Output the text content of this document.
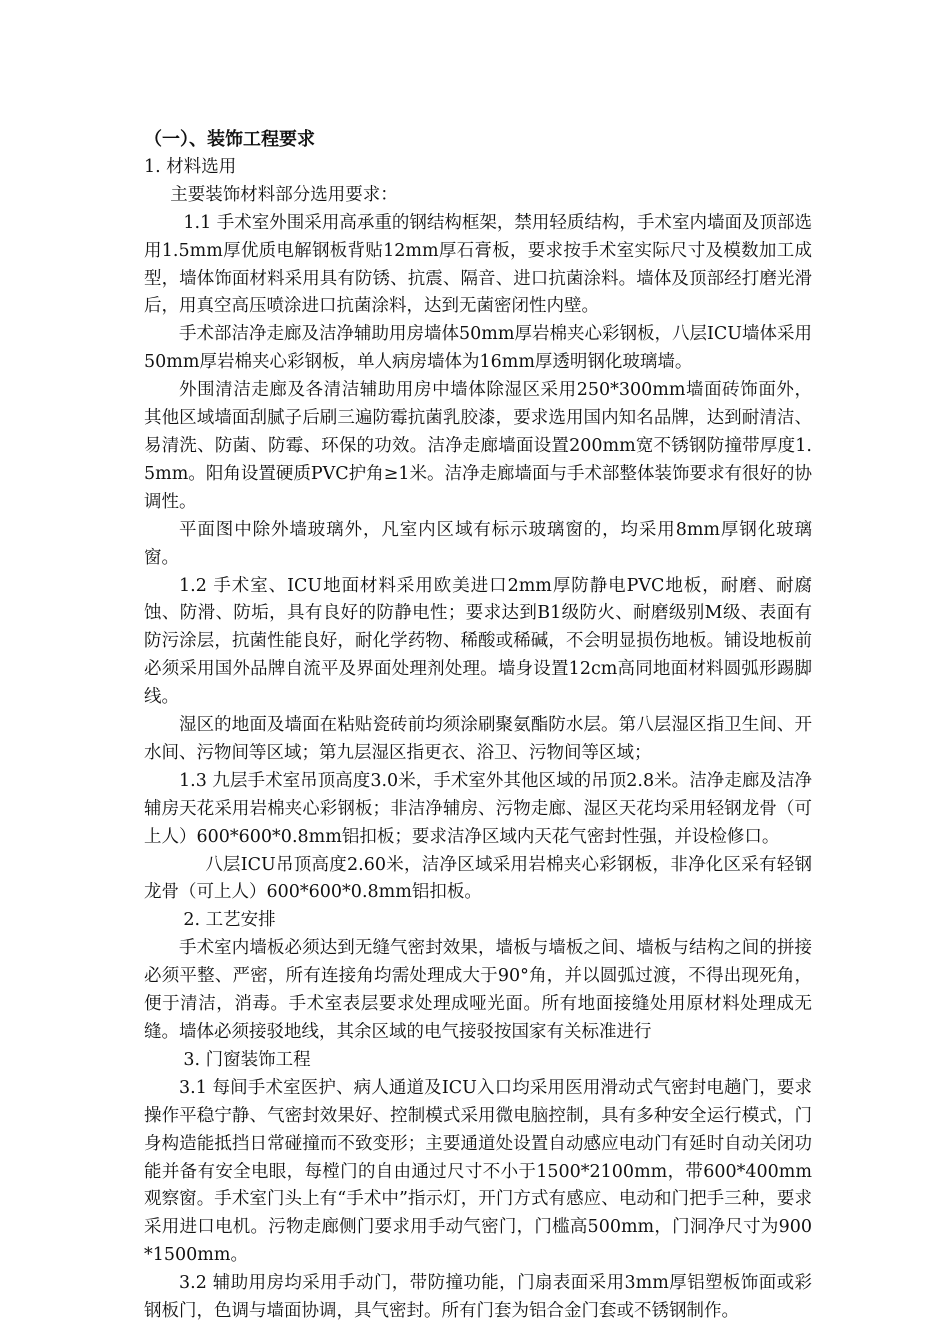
（一）、装饰工程要求
1. 材料选用

主要装饰材料部分选用要求：

1.1 手术室外围采用高承重的钢结构框架，禁用轻质结构，手术室内墙面及顶部选用1.5mm厚优质电解钢板背贴12mm厚石膏板，要求按手术室实际尺寸及模数加工成型，墙体饰面材料采用具有防锈、抗震、隔音、进口抗菌涂料。墙体及顶部经打磨光滑后，用真空高压喷涂进口抗菌涂料，达到无菌密闭性内壁。

手术部洁净走廊及洁净辅助用房墙体50mm厚岩棉夹心彩钢板，八层ICU墙体采用50mm厚岩棉夹心彩钢板，单人病房墙体为16mm厚透明钢化玻璃墙。

外围清洁走廊及各清洁辅助用房中墙体除湿区采用250*300mm墙面砖饰面外，其他区域墙面刮腻子后刷三遍防霉抗菌乳胶漆，要求选用国内知名品牌，达到耐清洁、易清洗、防菌、防霉、环保的功效。洁净走廊墙面设置200mm宽不锈钢防撞带厚度1.5mm。阳角设置硬质PVC护角≥1米。洁净走廊墙面与手术部整体装饰要求有很好的协调性。

平面图中除外墙玻璃外，凡室内区域有标示玻璃窗的，均采用8mm厚钢化玻璃窗。

1.2 手术室、ICU地面材料采用欧美进口2mm厚防静电PVC地板，耐磨、耐腐蚀、防滑、防垢，具有良好的防静电性；要求达到B1级防火、耐磨级别M级、表面有防污涂层，抗菌性能良好，耐化学药物、稀酸或稀碱，不会明显损伤地板。铺设地板前必须采用国外品牌自流平及界面处理剂处理。墙身设置12cm高同地面材料圆弧形踢脚线。

湿区的地面及墙面在粘贴瓷砖前均须涂刷聚氨酯防水层。第八层湿区指卫生间、开水间、污物间等区域；第九层湿区指更衣、浴卫、污物间等区域；

1.3 九层手术室吊顶高度3.0米，手术室外其他区域的吊顶2.8米。洁净走廊及洁净辅房天花采用岩棉夹心彩钢板；非洁净辅房、污物走廊、湿区天花均采用轻钢龙骨（可上人）600*600*0.8mm铝扣板；要求洁净区域内天花气密封性强，并设检修口。

八层ICU吊顶高度2.60米，洁净区域采用岩棉夹心彩钢板，非净化区采有轻钢龙骨（可上人）600*600*0.8mm铝扣板。

2. 工艺安排

手术室内墙板必须达到无缝气密封效果，墙板与墙板之间、墙板与结构之间的拼接必须平整、严密，所有连接角均需处理成大于90°角，并以圆弧过渡，不得出现死角，便于清洁，消毒。手术室表层要求处理成哑光面。所有地面接缝处用原材料处理成无缝。墙体必须接驳地线，其余区域的电气接驳按国家有关标准进行

3. 门窗装饰工程

3.1 每间手术室医护、病人通道及ICU入口均采用医用滑动式气密封电趟门，要求操作平稳宁静、气密封效果好、控制模式采用微电脑控制，具有多种安全运行模式，门身构造能抵挡日常碰撞而不致变形；主要通道处设置自动感应电动门有延时自动关闭功能并备有安全电眼，每樘门的自由通过尺寸不小于1500*2100mm，带600*400mm观察窗。手术室门头上有“手术中”指示灯，开门方式有感应、电动和门把手三种，要求采用进口电机。污物走廊侧门要求用手动气密门，门槛高500mm，门洞净尺寸为900*1500mm。

3.2 辅助用房均采用手动门，带防撞功能，门扇表面采用3mm厚铝塑板饰面或彩钢板门，色调与墙面协调，具气密封。所有门套为铝合金门套或不锈钢制作。
